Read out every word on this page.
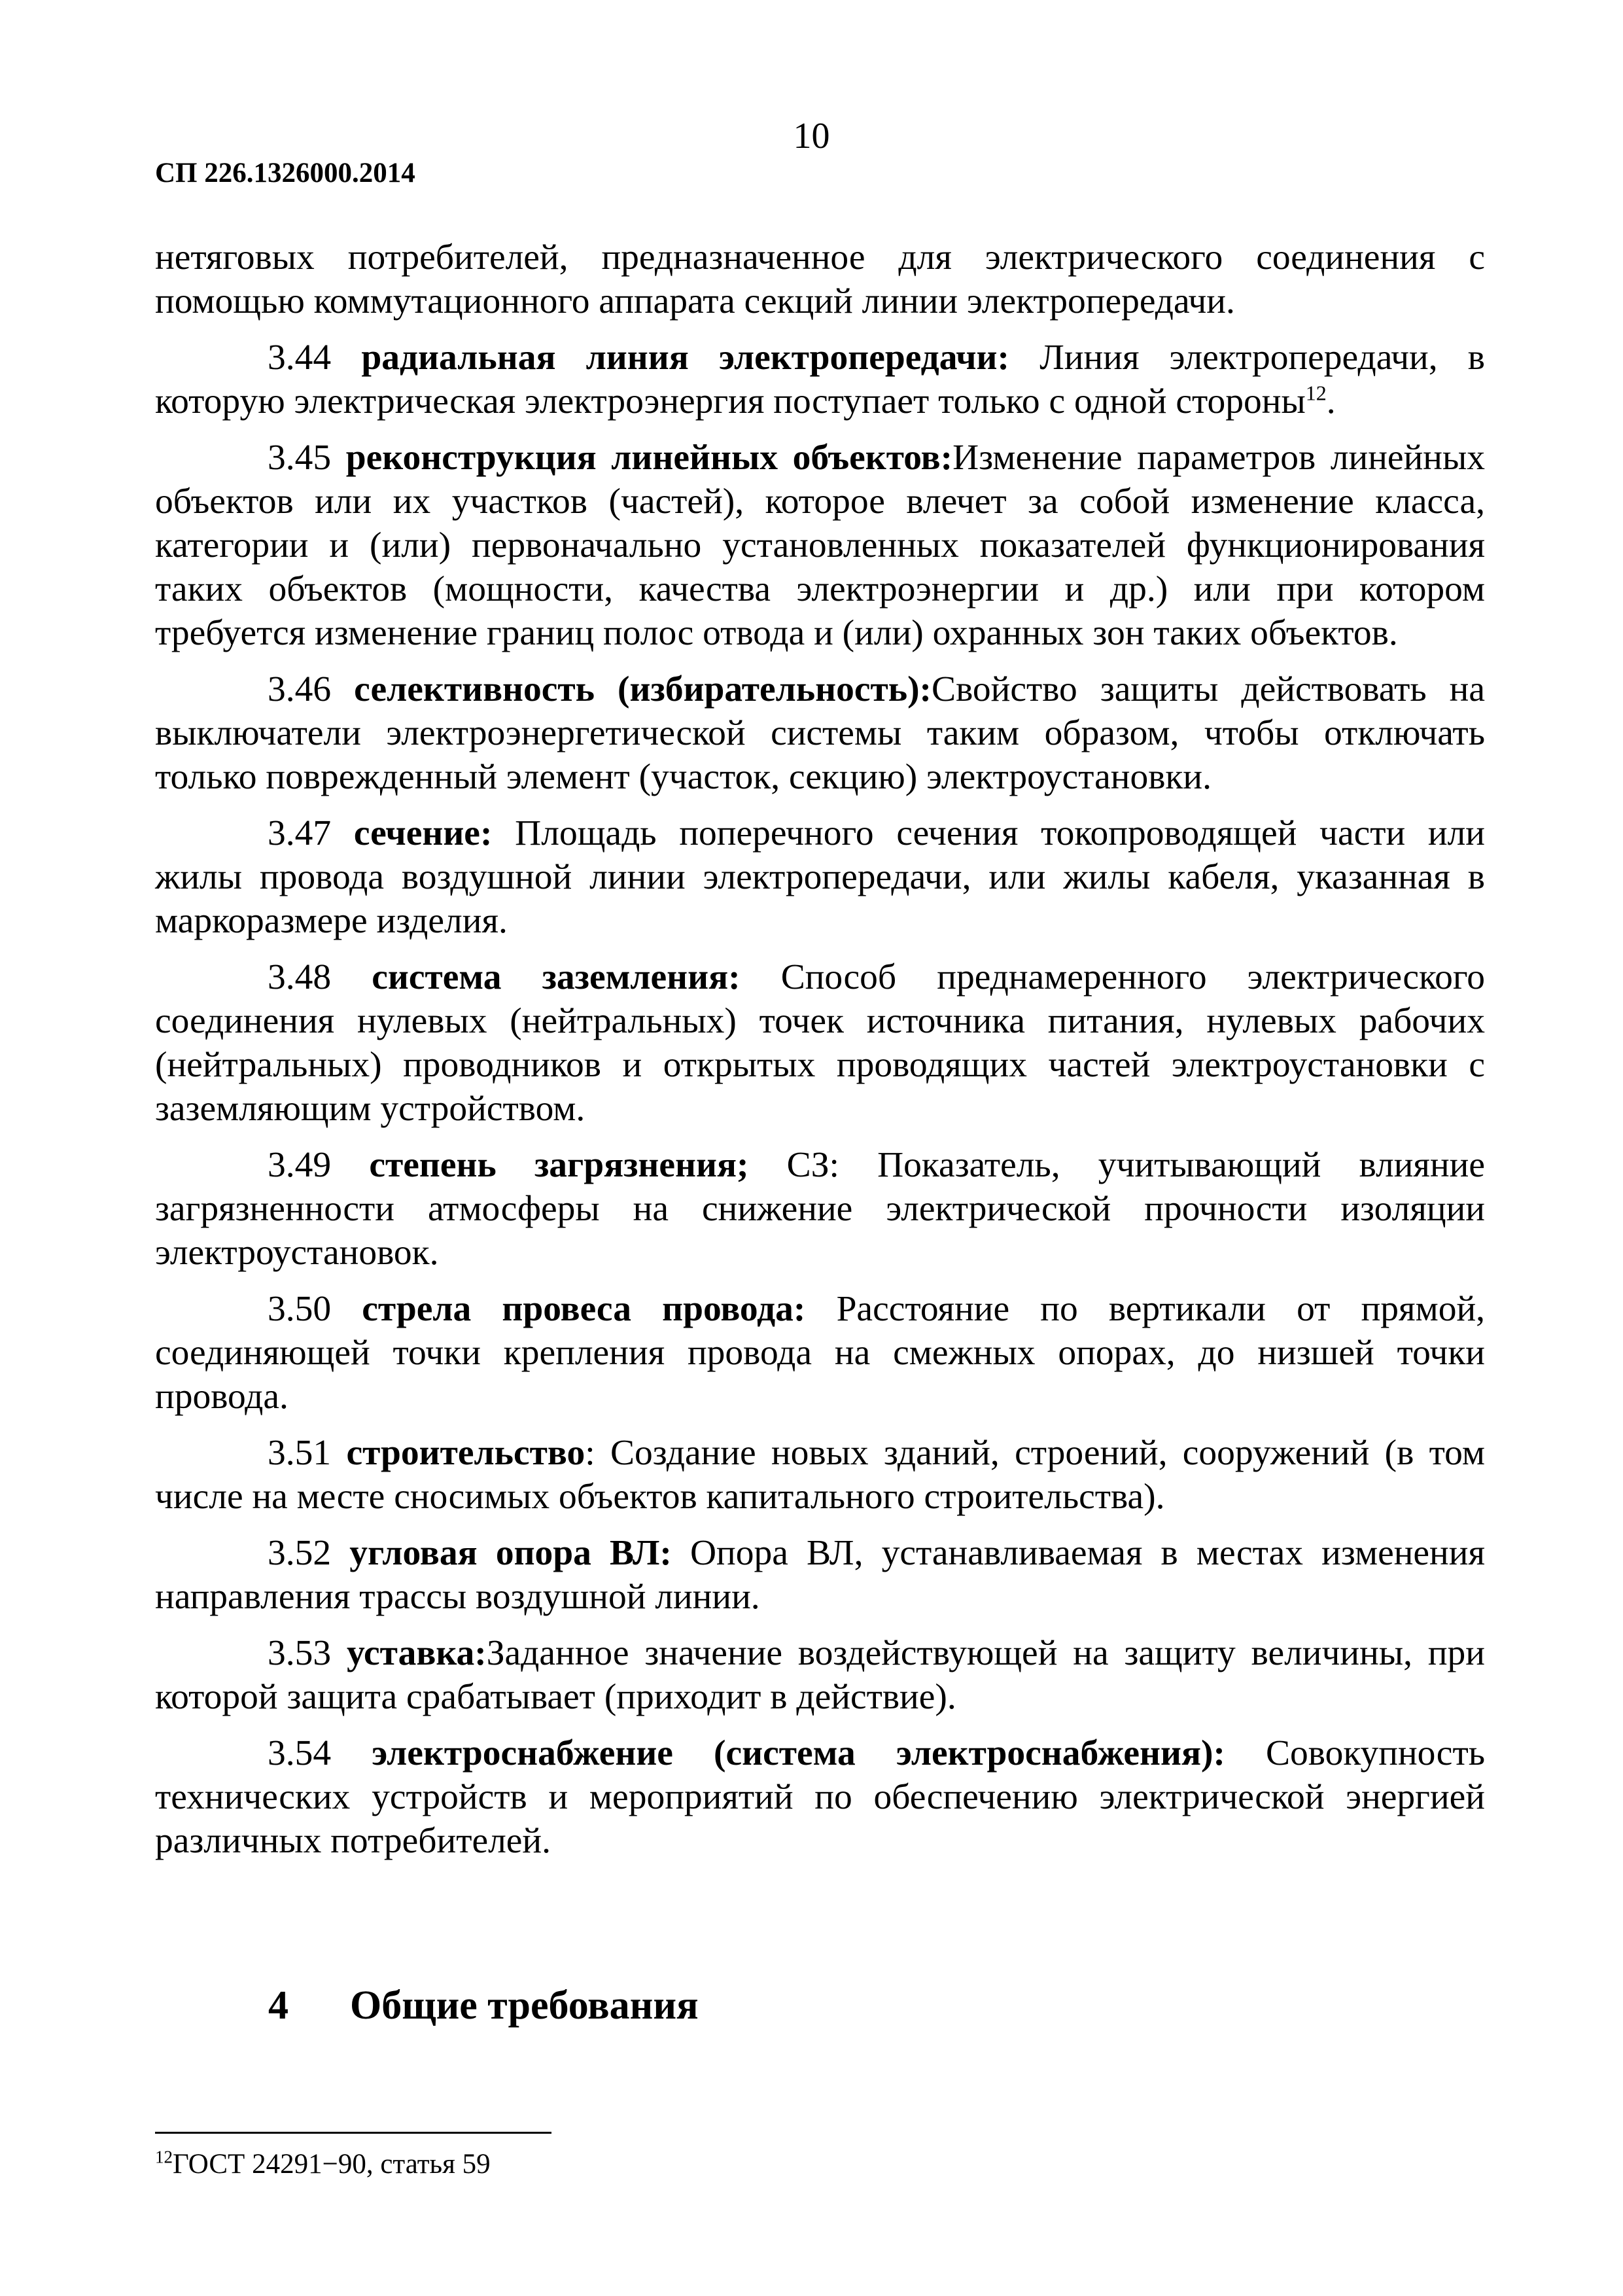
10
СП 226.1326000.2014

нетяговых потребителей, предназначенное для электрического соединения с помощью коммутационного аппарата секций линии электропередачи.

3.44 радиальная линия электропередачи: Линия электропередачи, в которую электрическая электроэнергия поступает только с одной стороны$^{12}$.

3.45 реконструкция линейных объектов:Изменение параметров линейных объектов или их участков (частей), которое влечет за собой изменение класса, категории и (или) первоначально установленных показателей функционирования таких объектов (мощности, качества электроэнергии и др.) или при котором требуется изменение границ полос отвода и (или) охранных зон таких объектов.

3.46 селективность (избирательность):Свойство защиты действовать на выключатели электроэнергетической системы таким образом, чтобы отключать только поврежденный элемент (участок, секцию) электроустановки.

3.47 сечение: Площадь поперечного сечения токопроводящей части или жилы провода воздушной линии электропередачи, или жилы кабеля, указанная в маркоразмере изделия.

3.48 система заземления: Способ преднамеренного электрического соединения нулевых (нейтральных) точек источника питания, нулевых рабочих (нейтральных) проводников и открытых проводящих частей электроустановки с заземляющим устройством.

3.49 степень загрязнения; СЗ: Показатель, учитывающий влияние загрязненности атмосферы на снижение электрической прочности изоляции электроустановок.

3.50 стрела провеса провода: Расстояние по вертикали от прямой, соединяющей точки крепления провода на смежных опорах, до низшей точки провода.

3.51 строительство: Создание новых зданий, строений, сооружений (в том числе на месте сносимых объектов капитального строительства).

3.52 угловая опора ВЛ: Опора ВЛ, устанавливаемая в местах изменения направления трассы воздушной линии.

3.53 уставка:Заданное значение воздействующей на защиту величины, при которой защита срабатывает (приходит в действие).

3.54 электроснабжение (система электроснабжения): Совокупность технических устройств и мероприятий по обеспечению электрической энергией различных потребителей.

4 Общие требования
$^{12}$ГОСТ 24291−90, статья 59
